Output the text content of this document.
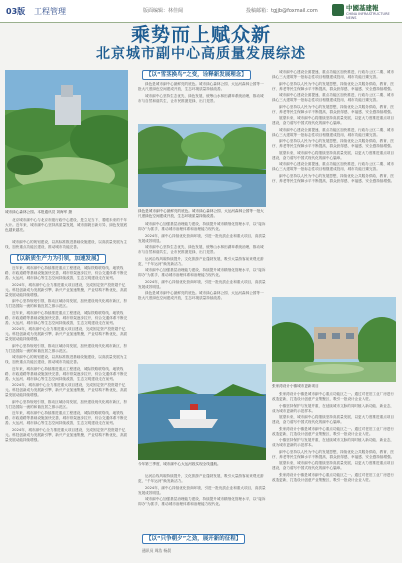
03版 工程管理	版面编辑：林佳阔	投稿邮箱：tgjjb@foxmail.com	中國基建報
CHINA INFRASTRUCTURE NEWS
乘势而上赋众新
北京城市副中心高质量发展综述
城市绿心森林公园。本报通讯员 刘海军 摄

北京城市副中心与北京市级行政中心建设，是立足当下、着眼未来的千年大计。近年来，城市副中心坚持高质量发展，城市面貌日新月异，绿色发展底色越来越亮。

城市副中心的规划建设，以高标准推进基础设施建设，以高质量发展为主线，加快重点功能区建设，推动城市功能完善。

【以新质生产力为引领，加速发展】

近年来，城市副中心持续推进重点工程建设，城际铁路联络线、地铁线路、市政道路等基础设施加快完善，城市骨架逐步拉开，综合交通体系不断完善。大运河、城市绿心等生态空间持续改善，生态文明建设走在前列。

2024年，城市副中心全力推进重大项目建设，完成固定资产投资超千亿元。科技创新成为发展新引擎，新兴产业加速集聚，产业结构不断优化，高质量发展动能持续增强。

副中心坚持规划引领，推动区域协同发展，加快建设现代化城市新区，努力打造国际一流的和谐宜居之都示范区。

近年来，城市副中心持续推进重点工程建设，城际铁路联络线、地铁线路、市政道路等基础设施加快完善，城市骨架逐步拉开，综合交通体系不断完善。大运河、城市绿心等生态空间持续改善，生态文明建设走在前列。

2024年，城市副中心全力推进重大项目建设，完成固定资产投资超千亿元。科技创新成为发展新引擎，新兴产业加速集聚，产业结构不断优化，高质量发展动能持续增强。

副中心坚持规划引领，推动区域协同发展，加快建设现代化城市新区，努力打造国际一流的和谐宜居之都示范区。

城市副中心的规划建设，以高标准推进基础设施建设，以高质量发展为主线，加快重点功能区建设，推动城市功能完善。

近年来，城市副中心持续推进重点工程建设，城际铁路联络线、地铁线路、市政道路等基础设施加快完善，城市骨架逐步拉开，综合交通体系不断完善。大运河、城市绿心等生态空间持续改善，生态文明建设走在前列。

2024年，城市副中心全力推进重大项目建设，完成固定资产投资超千亿元。科技创新成为发展新引擎，新兴产业加速集聚，产业结构不断优化，高质量发展动能持续增强。

副中心坚持规划引领，推动区域协同发展，加快建设现代化城市新区，努力打造国际一流的和谐宜居之都示范区。

近年来，城市副中心持续推进重点工程建设，城际铁路联络线、地铁线路、市政道路等基础设施加快完善，城市骨架逐步拉开，综合交通体系不断完善。大运河、城市绿心等生态空间持续改善，生态文明建设走在前列。

2024年，城市副中心全力推进重大项目建设，完成固定资产投资超千亿元。科技创新成为发展新引擎，新兴产业加速集聚，产业结构不断优化，高质量发展动能持续增强。

【以“雪茎换鸟”之变，诠释新发展理念】

绿色是城市副中心最鲜亮的底色。城市绿心森林公园、大运河森林公园等一批大尺度绿色空间建成开放，生态环境质量持续改善。

城市副中心坚持生态优先、绿色发展，统筹山水林田湖草系统治理，推动城市与自然和谐共生，让市民推窗见绿、出门见景。

绿色是城市副中心最鲜亮的底色。城市绿心森林公园、大运河森林公园等一批大尺度绿色空间建成开放，生态环境质量持续改善。

城市副中心加强基层治理能力建设，持续提升城市精细化管理水平，以“接诉即办”为抓手，推动城市治理体系和治理能力现代化。

2024年，副中心持续优化营商环境，引进一批优质企业和重大项目，高质量发展成效明显。

城市副中心坚持生态优先、绿色发展，统筹山水林田湖草系统治理，推动城市与自然和谐共生，让市民推窗见绿、出门见景。

运河沿线风貌持续提升，文化旅游产业蓬勃发展，吸引大量游客前来观光游览，“千年运河”焕发新活力。

城市副中心加强基层治理能力建设，持续提升城市精细化管理水平，以“接诉即办”为抓手，推动城市治理体系和治理能力现代化。

2024年，副中心持续优化营商环境，引进一批优质企业和重大项目，高质量发展成效明显。

绿色是城市副中心最鲜亮的底色。城市绿心森林公园、大运河森林公园等一批大尺度绿色空间建成开放，生态环境质量持续改善。

今年第三季度，城市副中心大运河段实现全线通航。

运河沿线风貌持续提升，文化旅游产业蓬勃发展，吸引大量游客前来观光游览，“千年运河”焕发新活力。

2024年，副中心持续优化营商环境，引进一批优质企业和重大项目，高质量发展成效明显。

城市副中心加强基层治理能力建设，持续提升城市精细化管理水平，以“接诉即办”为抓手，推动城市治理体系和治理能力现代化。

【以“只争朝夕”之劲，展开新的征程】
通讯员 周浩 杨晨

城市副中心建设全面提速，重点功能区加快推进，行政办公区二期、城市绿心三大建筑等一批标志性项目相继建成投用，城市功能日臻完善。

副中心坚持以人民为中心的发展思想，持续优化公共服务供给，教育、医疗、养老等民生保障水平不断提高，群众获得感、幸福感、安全感持续增强。

城市副中心建设全面提速，重点功能区加快推进，行政办公区二期、城市绿心三大建筑等一批标志性项目相继建成投用，城市功能日臻完善。

副中心坚持以人民为中心的发展思想，持续优化公共服务供给，教育、医疗、养老等民生保障水平不断提高，群众获得感、幸福感、安全感持续增强。

展望未来，城市副中心将继续坚持高质量发展，以更大力度推进重点项目建设，奋力谱写中国式现代化的副中心篇章。

城市副中心建设全面提速，重点功能区加快推进，行政办公区二期、城市绿心三大建筑等一批标志性项目相继建成投用，城市功能日臻完善。

副中心坚持以人民为中心的发展思想，持续优化公共服务供给，教育、医疗、养老等民生保障水平不断提高，群众获得感、幸福感、安全感持续增强。

展望未来，城市副中心将继续坚持高质量发展，以更大力度推进重点项目建设，奋力谱写中国式现代化的副中心篇章。

城市副中心建设全面提速，重点功能区加快推进，行政办公区二期、城市绿心三大建筑等一批标志性项目相继建成投用，城市功能日臻完善。

副中心坚持以人民为中心的发展思想，持续优化公共服务供给，教育、医疗、养老等民生保障水平不断提高，群众获得感、幸福感、安全感持续增强。

张家湾设计小镇城市更新项目

张家湾设计小镇是城市副中心重点功能区之一。通过对老旧工业厂房进行改造更新，打造设计创意产业集聚区，吸引一批设计企业入驻。

小镇坚持保护与发展并重，在延续城市文脉的同时植入新功能、新业态，成为城市更新的示范样本。

展望未来，城市副中心将继续坚持高质量发展，以更大力度推进重点项目建设，奋力谱写中国式现代化的副中心篇章。

张家湾设计小镇是城市副中心重点功能区之一。通过对老旧工业厂房进行改造更新，打造设计创意产业集聚区，吸引一批设计企业入驻。

小镇坚持保护与发展并重，在延续城市文脉的同时植入新功能、新业态，成为城市更新的示范样本。

副中心坚持以人民为中心的发展思想，持续优化公共服务供给，教育、医疗、养老等民生保障水平不断提高，群众获得感、幸福感、安全感持续增强。

展望未来，城市副中心将继续坚持高质量发展，以更大力度推进重点项目建设，奋力谱写中国式现代化的副中心篇章。

张家湾设计小镇是城市副中心重点功能区之一。通过对老旧工业厂房进行改造更新，打造设计创意产业集聚区，吸引一批设计企业入驻。
